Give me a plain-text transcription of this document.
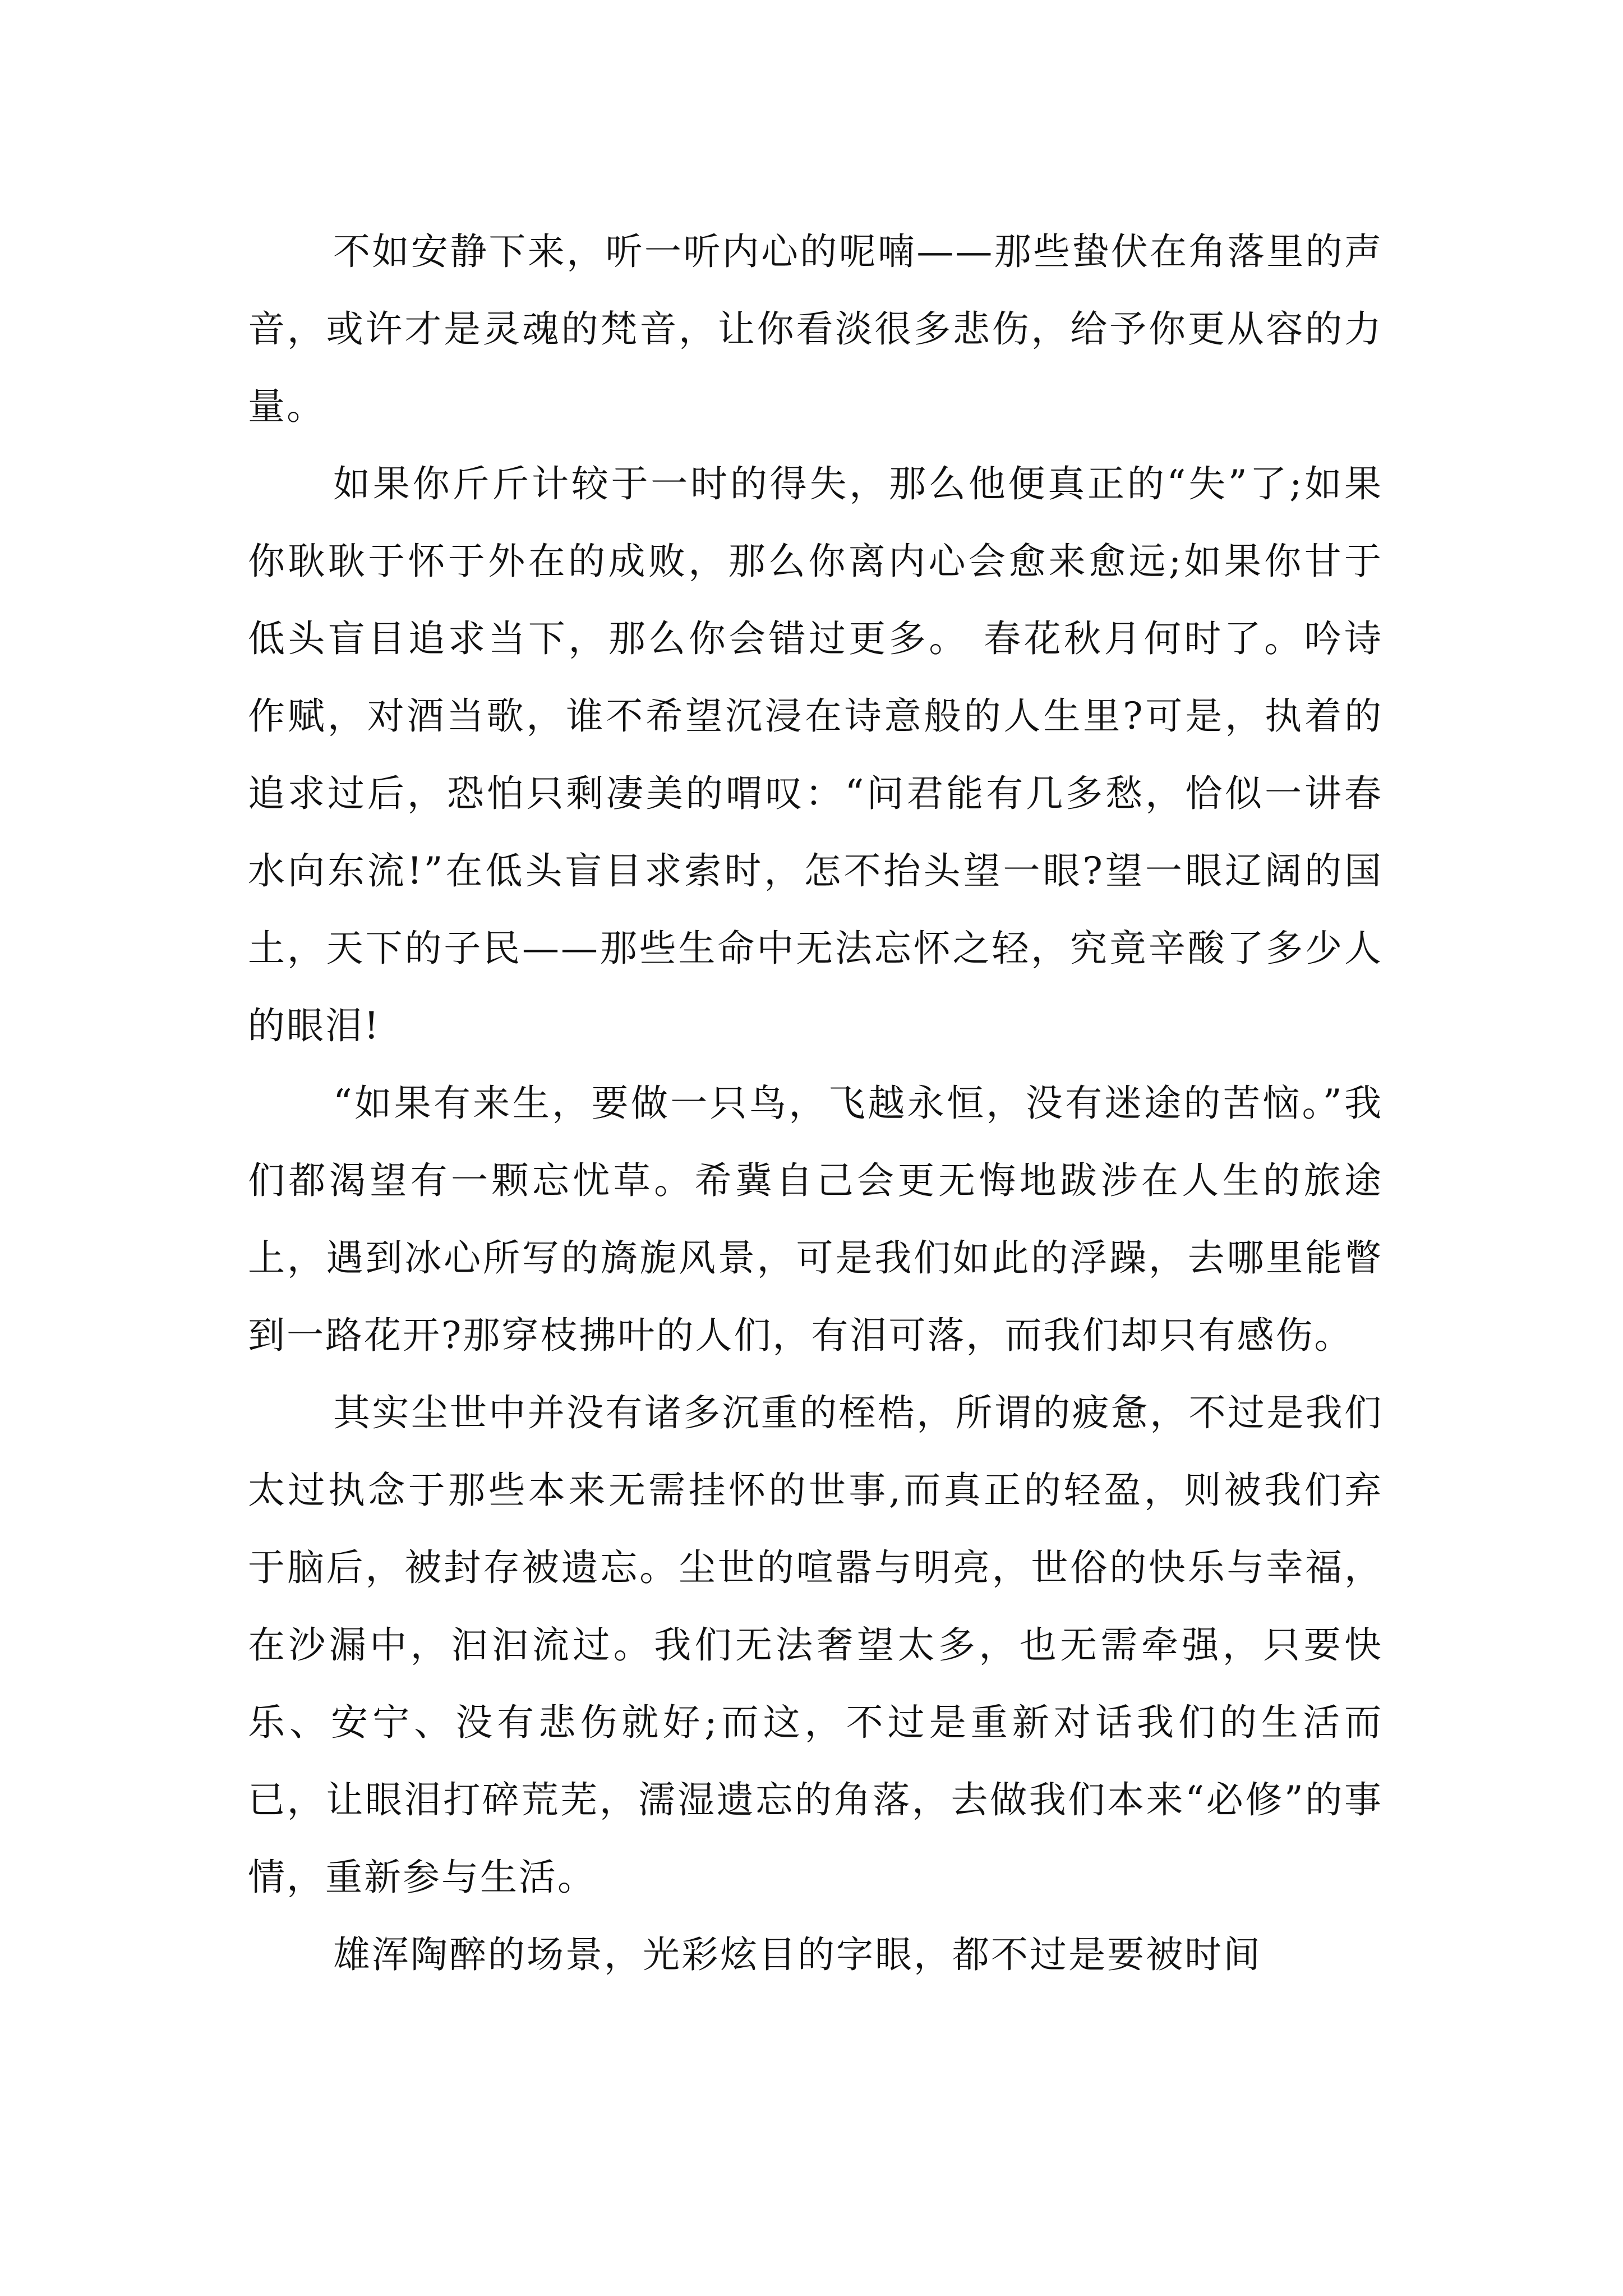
不如安静下来，听一听内心的呢喃——那些蛰伏在角落里的声音，或许才是灵魂的梵音，让你看淡很多悲伤，给予你更从容的力量。

如果你斤斤计较于一时的得失，那么他便真正的“失”了;如果你耿耿于怀于外在的成败，那么你离内心会愈来愈远;如果你甘于低头盲目追求当下，那么你会错过更多。 春花秋月何时了。吟诗作赋，对酒当歌，谁不希望沉浸在诗意般的人生里?可是，执着的追求过后，恐怕只剩凄美的喟叹：“问君能有几多愁，恰似一讲春水向东流!”在低头盲目求索时，怎不抬头望一眼?望一眼辽阔的国土，天下的子民——那些生命中无法忘怀之轻，究竟辛酸了多少人的眼泪!

“如果有来生，要做一只鸟，飞越永恒，没有迷途的苦恼。”我们都渴望有一颗忘忧草。希冀自己会更无悔地跋涉在人生的旅途上，遇到冰心所写的旖旎风景，可是我们如此的浮躁，去哪里能瞥到一路花开?那穿枝拂叶的人们，有泪可落，而我们却只有感伤。

其实尘世中并没有诸多沉重的桎梏，所谓的疲惫，不过是我们太过执念于那些本来无需挂怀的世事,而真正的轻盈，则被我们弃于脑后，被封存被遗忘。尘世的喧嚣与明亮，世俗的快乐与幸福，在沙漏中，汩汩流过。我们无法奢望太多，也无需牵强，只要快乐、安宁、没有悲伤就好;而这，不过是重新对话我们的生活而已，让眼泪打碎荒芜，濡湿遗忘的角落，去做我们本来“必修”的事情，重新参与生活。

雄浑陶醉的场景，光彩炫目的字眼，都不过是要被时间
